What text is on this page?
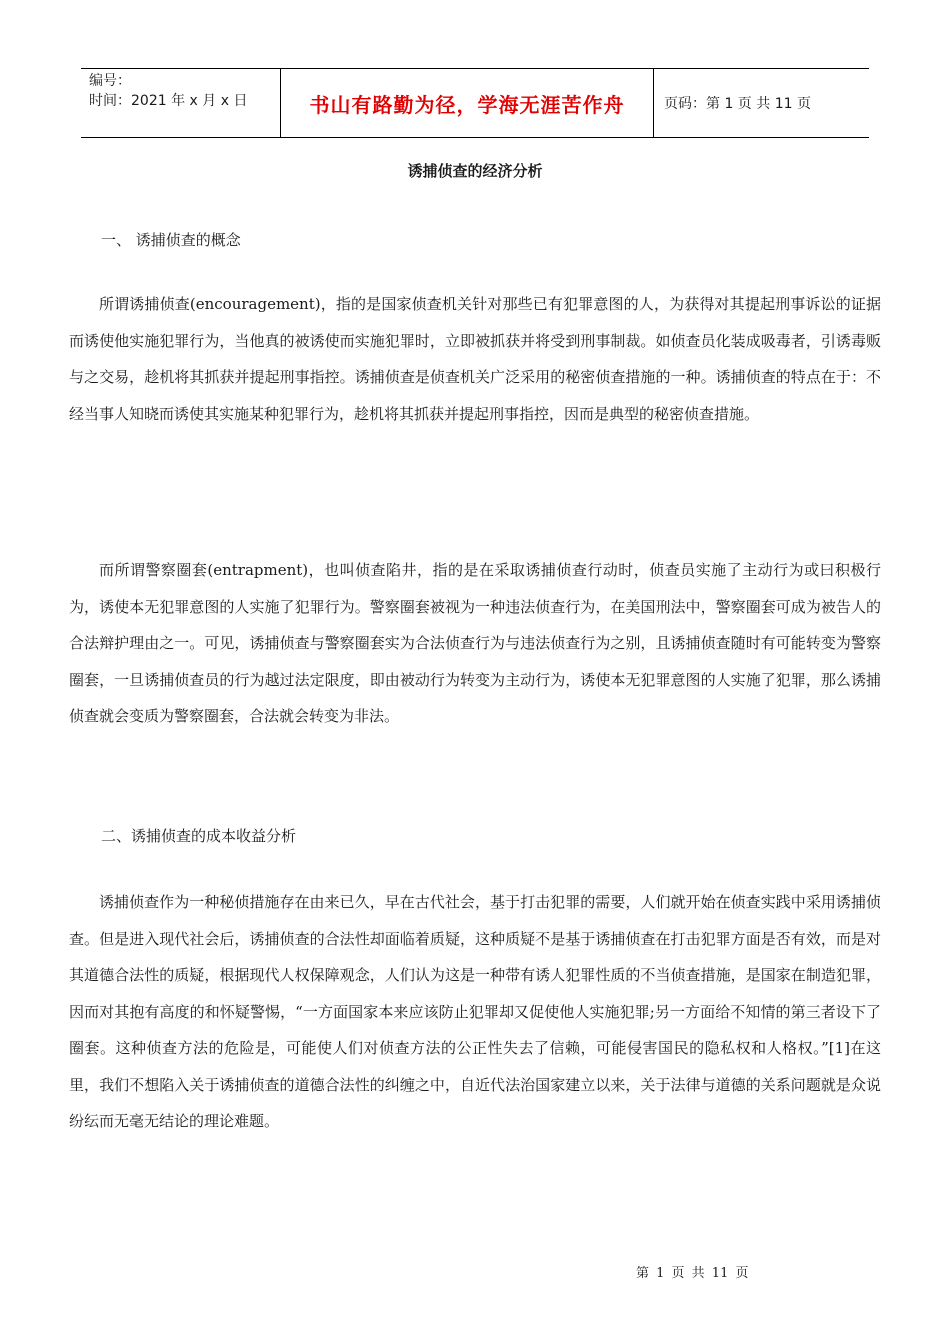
编号：
时间：2021 年 x 月 x 日	书山有路勤为径，学海无涯苦作舟	页码：第 1 页 共 11 页
诱捕侦查的经济分析
一、 诱捕侦查的概念

所谓诱捕侦查(encouragement)，指的是国家侦查机关针对那些已有犯罪意图的人，为获得对其提起刑事诉讼的证据而诱使他实施犯罪行为，当他真的被诱使而实施犯罪时，立即被抓获并将受到刑事制裁。如侦查员化装成吸毒者，引诱毒贩与之交易，趁机将其抓获并提起刑事指控。诱捕侦查是侦查机关广泛采用的秘密侦查措施的一种。诱捕侦查的特点在于：不经当事人知晓而诱使其实施某种犯罪行为，趁机将其抓获并提起刑事指控，因而是典型的秘密侦查措施。

而所谓警察圈套(entrapment)，也叫侦查陷井，指的是在采取诱捕侦查行动时，侦查员实施了主动行为或曰积极行为，诱使本无犯罪意图的人实施了犯罪行为。警察圈套被视为一种违法侦查行为，在美国刑法中，警察圈套可成为被告人的合法辩护理由之一。可见，诱捕侦查与警察圈套实为合法侦查行为与违法侦查行为之别，且诱捕侦查随时有可能转变为警察圈套，一旦诱捕侦查员的行为越过法定限度，即由被动行为转变为主动行为，诱使本无犯罪意图的人实施了犯罪，那么诱捕侦查就会变质为警察圈套，合法就会转变为非法。

二、诱捕侦查的成本收益分析

诱捕侦查作为一种秘侦措施存在由来已久，早在古代社会，基于打击犯罪的需要，人们就开始在侦查实践中采用诱捕侦查。但是进入现代社会后，诱捕侦查的合法性却面临着质疑，这种质疑不是基于诱捕侦查在打击犯罪方面是否有效，而是对其道德合法性的质疑，根据现代人权保障观念，人们认为这是一种带有诱人犯罪性质的不当侦查措施，是国家在制造犯罪，因而对其抱有高度的和怀疑警惕，“一方面国家本来应该防止犯罪却又促使他人实施犯罪;另一方面给不知情的第三者设下了圈套。这种侦查方法的危险是，可能使人们对侦查方法的公正性失去了信赖，可能侵害国民的隐私权和人格权。”[1]在这里，我们不想陷入关于诱捕侦查的道德合法性的纠缠之中，自近代法治国家建立以来，关于法律与道德的关系问题就是众说纷纭而无毫无结论的理论难题。

第 1 页 共 11 页
